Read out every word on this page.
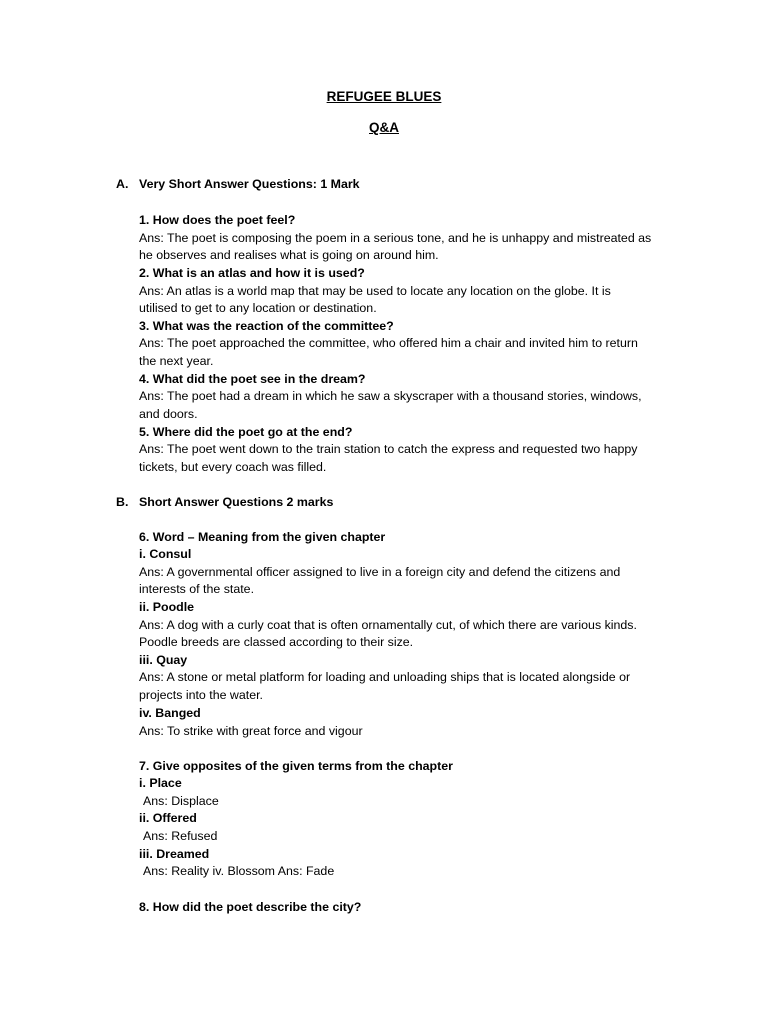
REFUGEE BLUES
Q&A
A. Very Short Answer Questions: 1 Mark
1. How does the poet feel?
Ans: The poet is composing the poem in a serious tone, and he is unhappy and mistreated as
he observes and realises what is going on around him.
2. What is an atlas and how it is used?
Ans: An atlas is a world map that may be used to locate any location on the globe. It is
utilised to get to any location or destination.
3. What was the reaction of the committee?
Ans: The poet approached the committee, who offered him a chair and invited him to return
the next year.
4. What did the poet see in the dream?
Ans: The poet had a dream in which he saw a skyscraper with a thousand stories, windows,
and doors.
5. Where did the poet go at the end?
Ans: The poet went down to the train station to catch the express and requested two happy
tickets, but every coach was filled.
B. Short Answer Questions 2 marks
6. Word – Meaning from the given chapter
i. Consul
Ans: A governmental officer assigned to live in a foreign city and defend the citizens and
interests of the state.
ii. Poodle
Ans: A dog with a curly coat that is often ornamentally cut, of which there are various kinds.
Poodle breeds are classed according to their size.
iii. Quay
Ans: A stone or metal platform for loading and unloading ships that is located alongside or
projects into the water.
iv. Banged
Ans: To strike with great force and vigour
7. Give opposites of the given terms from the chapter
i. Place
Ans: Displace
ii. Offered
Ans: Refused
iii. Dreamed
Ans: Reality iv. Blossom Ans: Fade
8. How did the poet describe the city?
